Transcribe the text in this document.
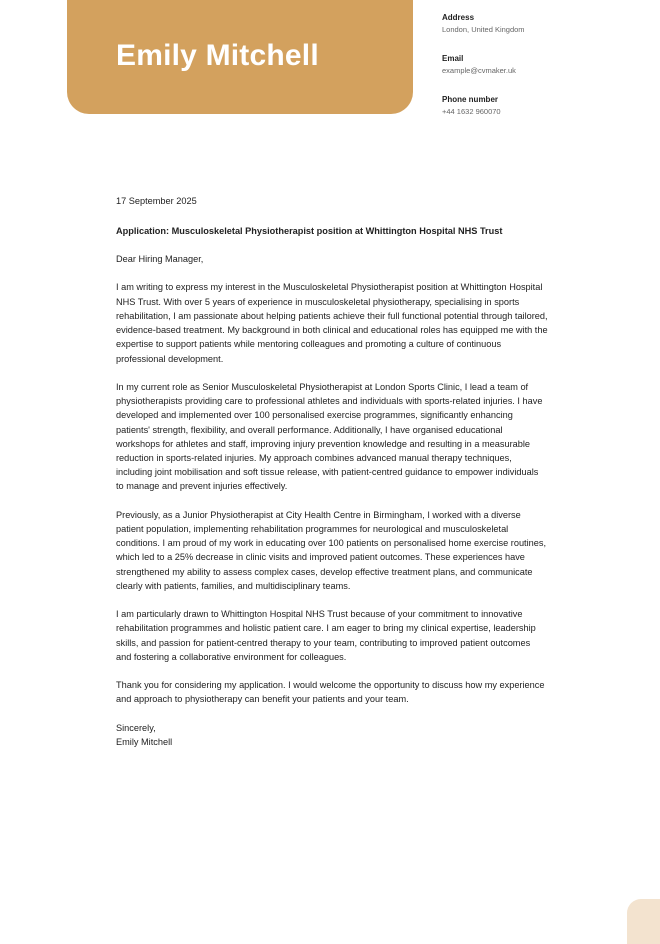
Emily Mitchell
Address
London, United Kingdom
Email
example@cvmaker.uk
Phone number
+44 1632 960070

17 September 2025

Application: Musculoskeletal Physiotherapist position at Whittington Hospital NHS Trust

Dear Hiring Manager,

I am writing to express my interest in the Musculoskeletal Physiotherapist position at Whittington Hospital NHS Trust. With over 5 years of experience in musculoskeletal physiotherapy, specialising in sports rehabilitation, I am passionate about helping patients achieve their full functional potential through tailored, evidence-based treatment. My background in both clinical and educational roles has equipped me with the expertise to support patients while mentoring colleagues and promoting a culture of continuous professional development.

In my current role as Senior Musculoskeletal Physiotherapist at London Sports Clinic, I lead a team of physiotherapists providing care to professional athletes and individuals with sports-related injuries. I have developed and implemented over 100 personalised exercise programmes, significantly enhancing patients' strength, flexibility, and overall performance. Additionally, I have organised educational workshops for athletes and staff, improving injury prevention knowledge and resulting in a measurable reduction in sports-related injuries. My approach combines advanced manual therapy techniques, including joint mobilisation and soft tissue release, with patient-centred guidance to empower individuals to manage and prevent injuries effectively.

Previously, as a Junior Physiotherapist at City Health Centre in Birmingham, I worked with a diverse patient population, implementing rehabilitation programmes for neurological and musculoskeletal conditions. I am proud of my work in educating over 100 patients on personalised home exercise routines, which led to a 25% decrease in clinic visits and improved patient outcomes. These experiences have strengthened my ability to assess complex cases, develop effective treatment plans, and communicate clearly with patients, families, and multidisciplinary teams.

I am particularly drawn to Whittington Hospital NHS Trust because of your commitment to innovative rehabilitation programmes and holistic patient care. I am eager to bring my clinical expertise, leadership skills, and passion for patient-centred therapy to your team, contributing to improved patient outcomes and fostering a collaborative environment for colleagues.

Thank you for considering my application. I would welcome the opportunity to discuss how my experience and approach to physiotherapy can benefit your patients and your team.

Sincerely,
Emily Mitchell
